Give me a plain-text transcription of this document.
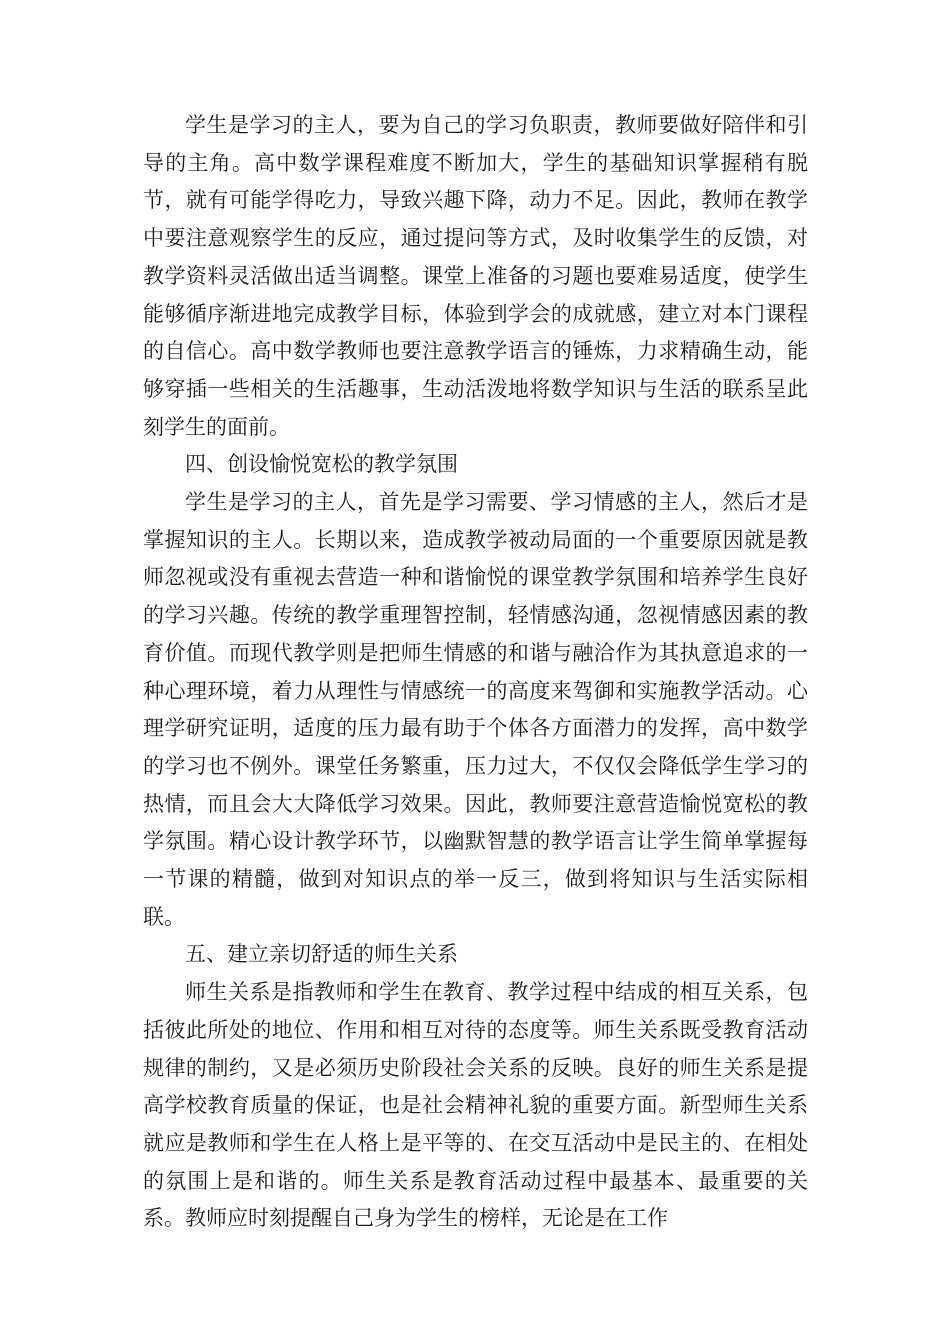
学生是学习的主人，要为自己的学习负职责，教师要做好陪伴和引导的主角。高中数学课程难度不断加大，学生的基础知识掌握稍有脱节，就有可能学得吃力，导致兴趣下降，动力不足。因此，教师在教学中要注意观察学生的反应，通过提问等方式，及时收集学生的反馈，对教学资料灵活做出适当调整。课堂上准备的习题也要难易适度，使学生能够循序渐进地完成教学目标，体验到学会的成就感，建立对本门课程的自信心。高中数学教师也要注意教学语言的锤炼，力求精确生动，能够穿插一些相关的生活趣事，生动活泼地将数学知识与生活的联系呈此刻学生的面前。

四、创设愉悦宽松的教学氛围

学生是学习的主人，首先是学习需要、学习情感的主人，然后才是掌握知识的主人。长期以来，造成教学被动局面的一个重要原因就是教师忽视或没有重视去营造一种和谐愉悦的课堂教学氛围和培养学生良好的学习兴趣。传统的教学重理智控制，轻情感沟通，忽视情感因素的教育价值。而现代教学则是把师生情感的和谐与融洽作为其执意追求的一种心理环境，着力从理性与情感统一的高度来驾御和实施教学活动。心理学研究证明，适度的压力最有助于个体各方面潜力的发挥，高中数学的学习也不例外。课堂任务繁重，压力过大，不仅仅会降低学生学习的热情，而且会大大降低学习效果。因此，教师要注意营造愉悦宽松的教学氛围。精心设计教学环节，以幽默智慧的教学语言让学生简单掌握每一节课的精髓，做到对知识点的举一反三，做到将知识与生活实际相联。

五、建立亲切舒适的师生关系

师生关系是指教师和学生在教育、教学过程中结成的相互关系，包括彼此所处的地位、作用和相互对待的态度等。师生关系既受教育活动规律的制约，又是必须历史阶段社会关系的反映。良好的师生关系是提高学校教育质量的保证，也是社会精神礼貌的重要方面。新型师生关系就应是教师和学生在人格上是平等的、在交互活动中是民主的、在相处的氛围上是和谐的。师生关系是教育活动过程中最基本、最重要的关系。教师应时刻提醒自己身为学生的榜样，无论是在工作
